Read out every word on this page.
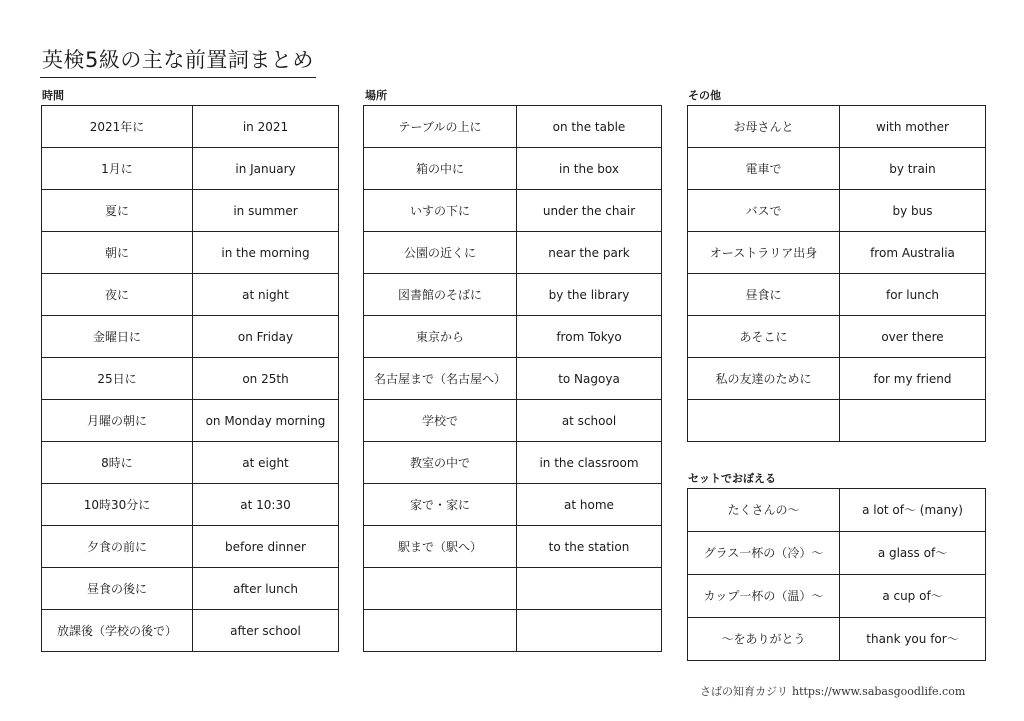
英検5級の主な前置詞まとめ
時間	場所	その他
セットでおぼえる
2021年に	in 2021
1月に	in January
夏に	in summer
朝に	in the morning
夜に	at night
金曜日に	on Friday
25日に	on 25th
月曜の朝に	on Monday morning
8時に	at eight
10時30分に	at 10:30
夕食の前に	before dinner
昼食の後に	after lunch
放課後（学校の後で）	after school
テーブルの上に	on the table
箱の中に	in the box
いすの下に	under the chair
公園の近くに	near the park
図書館のそばに	by the library
東京から	from Tokyo
名古屋まで（名古屋へ）	to Nagoya
学校で	at school
教室の中で	in the classroom
家で・家に	at home
駅まで（駅へ）	to the station

お母さんと	with mother
電車で	by train
バスで	by bus
オーストラリア出身	from Australia
昼食に	for lunch
あそこに	over there
私の友達のために	for my friend

たくさんの～	a lot of～ (many)
グラス一杯の（冷）～	a glass of～
カップ一杯の（温）～	a cup of～
～をありがとう	thank you for～
さばの知育カジリ https://www.sabasgoodlife.com
